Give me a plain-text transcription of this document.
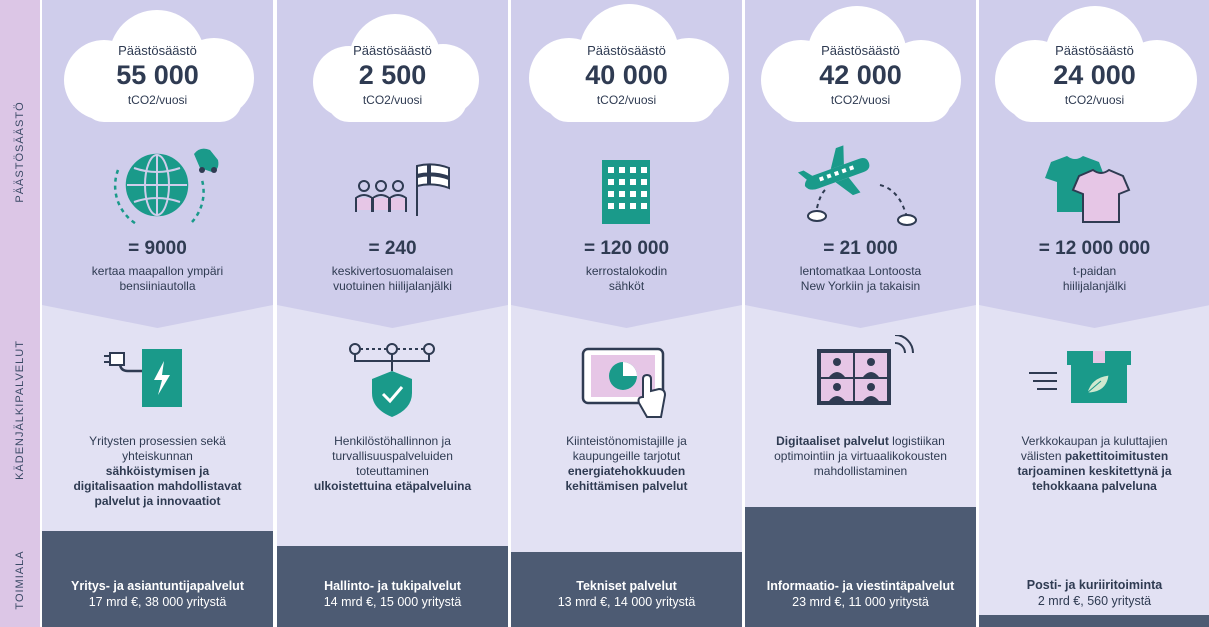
PÄÄSTÖSÄÄSTÖ
KÄDENJÄLKIPALVELUT
TOIMIALA
Päästösäästö
55 000
tCO2/vuosi
= 9000
kertaa maapallon ympäri
bensiiniautolla
Yritysten prosessien sekä
yhteiskunnan
sähköistymisen ja
digitalisaation mahdollistavat
palvelut ja innovaatiot
Yritys- ja asiantuntijapalvelut
17 mrd €, 38 000 yritystä
Päästösäästö
2 500
tCO2/vuosi
= 240
keskivertosuomalaisen
vuotuinen hiilijalanjälki
Henkilöstöhallinnon ja
turvallisuuspalveluiden
toteuttaminen
ulkoistettuina etäpalveluina
Hallinto- ja tukipalvelut
14 mrd €, 15 000 yritystä
Päästösäästö
40 000
tCO2/vuosi
= 120 000
kerrostalokodin
sähköt
Kiinteistönomistajille ja
kaupungeille tarjotut
energiatehokkuuden
kehittämisen palvelut
Tekniset palvelut
13 mrd €, 14 000 yritystä
Päästösäästö
42 000
tCO2/vuosi
= 21 000
lentomatkaa Lontoosta
New Yorkiin ja takaisin
Digitaaliset palvelut logistiikan
optimointiin ja virtuaalikokousten
mahdollistaminen
Informaatio- ja viestintäpalvelut
23 mrd €, 11 000 yritystä
Päästösäästö
24 000
tCO2/vuosi
= 12 000 000
t-paidan
hiilijalanjälki
Verkkokaupan ja kuluttajien
välisten pakettitoimitusten
tarjoaminen keskitettynä ja
tehokkaana palveluna
Posti- ja kuriiritoiminta
2 mrd €, 560 yritystä
